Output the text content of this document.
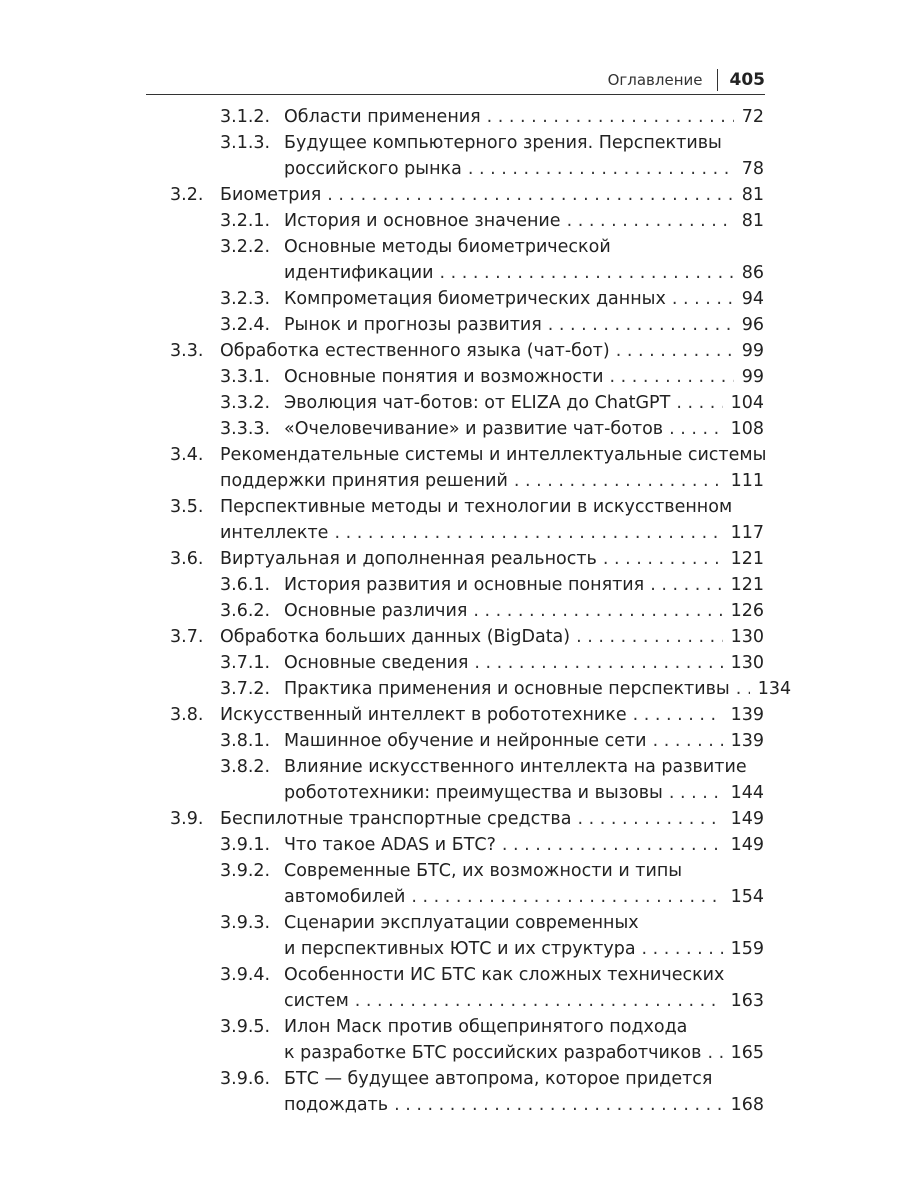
Оглавление 405
3.1.2. Области применения . . .	72
3.1.3. Будущее компьютерного зрения. Перспективы
российского рынка . . .	78
3.2. Биометрия . . .	81
3.2.1. История и основное значение . . .	81
3.2.2. Основные методы биометрической
идентификации . . .	86
3.2.3. Компрометация биометрических данных . . .	94
3.2.4. Рынок и прогнозы развития . . .	96
3.3. Обработка естественного языка (чат-бот) . . .	99
3.3.1. Основные понятия и возможности . . .	99
3.3.2. Эволюция чат-ботов: от ELIZA до ChatGPT . . .	104
3.3.3. «Очеловечивание» и развитие чат-ботов . . .	108
3.4. Рекомендательные системы и интеллектуальные системы
поддержки принятия решений . . .	111
3.5. Перспективные методы и технологии в искусственном
интеллекте . . .	117
3.6. Виртуальная и дополненная реальность . . .	121
3.6.1. История развития и основные понятия . . .	121
3.6.2. Основные различия . . .	126
3.7. Обработка больших данных (BigData) . . .	130
3.7.1. Основные сведения . . .	130
3.7.2. Практика применения и основные перспективы . . . 134
3.8. Искусственный интеллект в робототехнике . . .	139
3.8.1. Машинное обучение и нейронные сети . . .	139
3.8.2. Влияние искусственного интеллекта на развитие
робототехники: преимущества и вызовы . . .	144
3.9. Беспилотные транспортные средства . . .	149
3.9.1. Что такое ADAS и БТС? . . .	149
3.9.2. Современные БТС, их возможности и типы
автомобилей . . .	154
3.9.3. Сценарии эксплуатации современных
и перспективных ЮТС и их структура . . .	159
3.9.4. Особенности ИС БТС как сложных технических
систем . . .	163
3.9.5. Илон Маск против общепринятого подхода
к разработке БТС российских разработчиков . . . 165
3.9.6. БТС — будущее автопрома, которое придется
подождать . . .	168
